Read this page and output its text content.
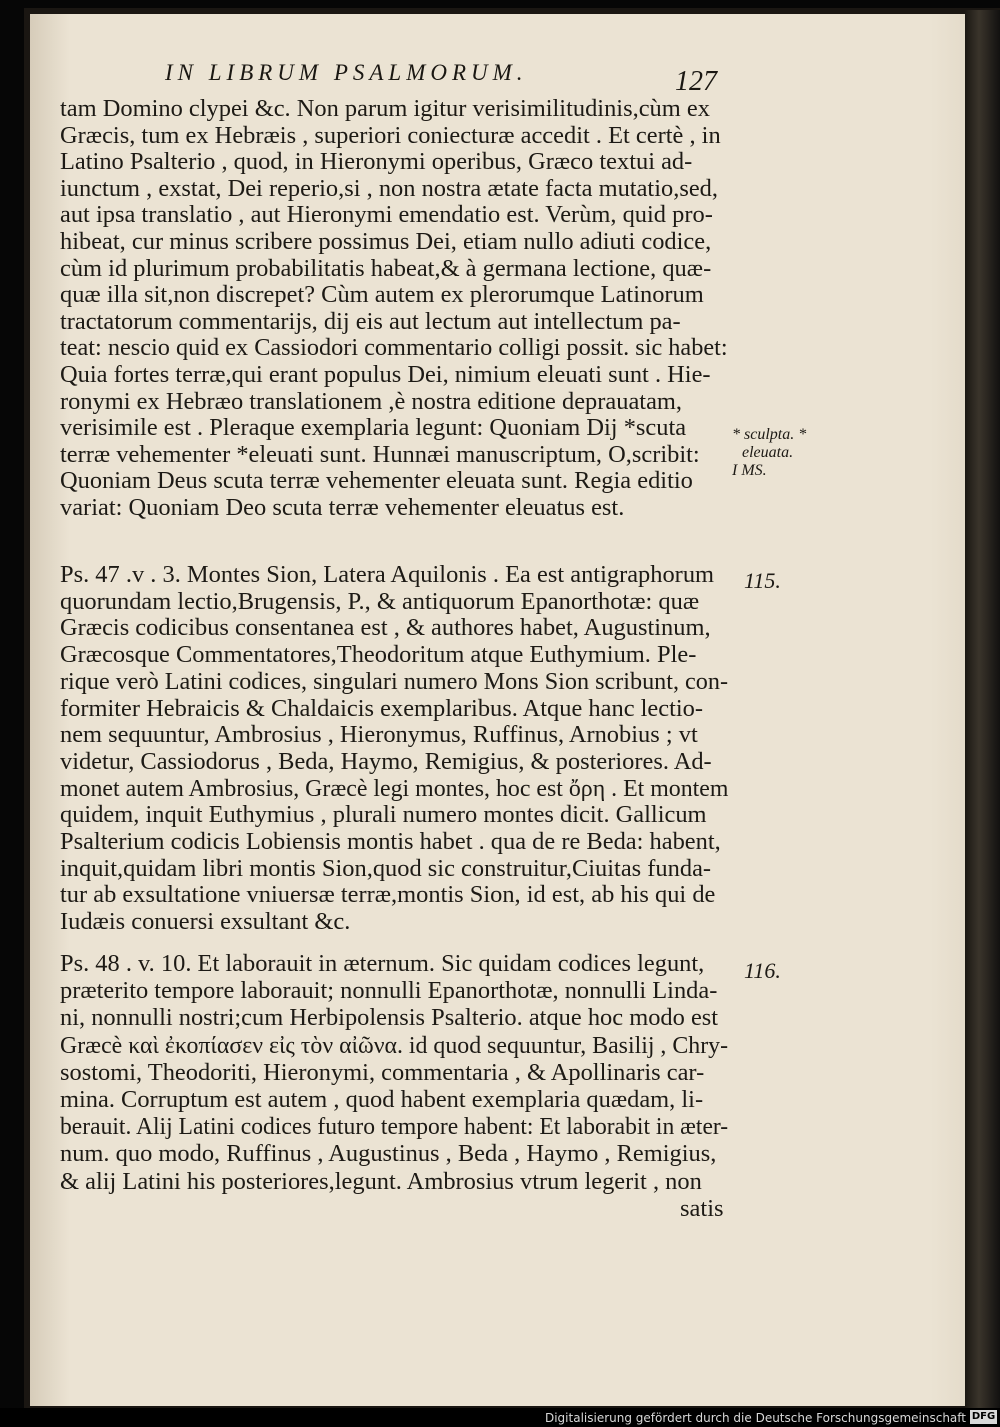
IN LIBRUM PSALMORUM.	127
tam Domino clypei &c. Non parum igitur verisimilitudinis,cùm ex
Græcis, tum ex Hebræis , superiori coniecturæ accedit . Et certè , in
Latino Psalterio , quod, in Hieronymi operibus, Græco textui ad-
iunctum , exstat, Dei reperio,si , non nostra ætate facta mutatio,sed,
aut ipsa translatio , aut Hieronymi emendatio est. Verùm, quid pro-
hibeat, cur minus scribere possimus Dei, etiam nullo adiuti codice,
cùm id plurimum probabilitatis habeat,& à germana lectione, quæ-
quæ illa sit,non discrepet? Cùm autem ex plerorumque Latinorum
tractatorum commentarijs, dij eis aut lectum aut intellectum pa-
teat: nescio quid ex Cassiodori commentario colligi possit. sic habet:
Quia fortes terræ,qui erant populus Dei, nimium eleuati sunt . Hie-
ronymi ex Hebræo translationem ,è nostra editione deprauatam,
verisimile est . Pleraque exemplaria legunt: Quoniam Dij *scuta
terræ vehementer *eleuati sunt. Hunnæi manuscriptum, O,scribit:
Quoniam Deus scuta terræ vehementer eleuata sunt. Regia editio
variat: Quoniam Deo scuta terræ vehementer eleuatus est.
Ps. 47 .v . 3. Montes Sion, Latera Aquilonis . Ea est antigraphorum
quorundam lectio,Brugensis, P., & antiquorum Epanorthotæ: quæ
Græcis codicibus consentanea est , & authores habet, Augustinum,
Græcosque Commentatores,Theodoritum atque Euthymium. Ple-
rique verò Latini codices, singulari numero Mons Sion scribunt, con-
formiter Hebraicis & Chaldaicis exemplaribus. Atque hanc lectio-
nem sequuntur, Ambrosius , Hieronymus, Ruffinus, Arnobius ; vt
videtur, Cassiodorus , Beda, Haymo, Remigius, & posteriores. Ad-
monet autem Ambrosius, Græcè legi montes, hoc est ὄρη . Et montem
quidem, inquit Euthymius , plurali numero montes dicit. Gallicum
Psalterium codicis Lobiensis montis habet . qua de re Beda: habent,
inquit,quidam libri montis Sion,quod sic construitur,Ciuitas funda-
tur ab exsultatione vniuersæ terræ,montis Sion, id est, ab his qui de
Iudæis conuersi exsultant &c.
Ps. 48 . v. 10. Et laborauit in æternum. Sic quidam codices legunt,
præterito tempore laborauit; nonnulli Epanorthotæ, nonnulli Linda-
ni, nonnulli nostri;cum Herbipolensis Psalterio. atque hoc modo est
Græcè καὶ ἐκοπίασεν εἰς τὸν αἰῶνα. id quod sequuntur, Basilij , Chry-
sostomi, Theodoriti, Hieronymi, commentaria , & Apollinaris car-
mina. Corruptum est autem , quod habent exemplaria quædam, li-
berauit. Alij Latini codices futuro tempore habent: Et laborabit in æter-
num. quo modo, Ruffinus , Augustinus , Beda , Haymo , Remigius,
& alij Latini his posteriores,legunt. Ambrosius vtrum legerit , non
satis
* sculpta. *
eleuata.
I MS.
115.
116.
Digitalisierung gefördert durch die Deutsche Forschungsgemeinschaft DFG
